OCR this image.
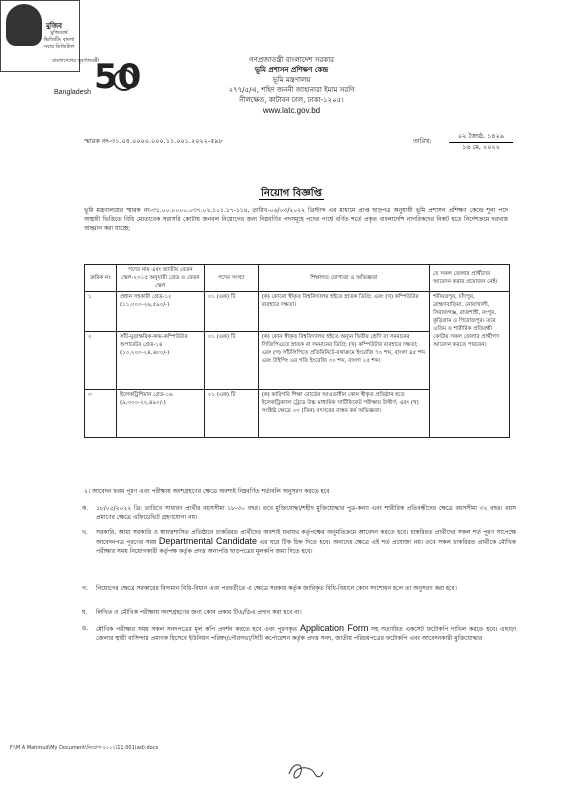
বাংলাদেশের সুবর্ণজয়ন্তী
50
Bangladesh
গণপ্রজাতন্ত্রী বাংলাদেশ সরকার
ভূমি প্রশাসন প্রশিক্ষণ কেন্দ্র
ভূমি মন্ত্রণালয়
২৭৭/৫/এ, শহিদ জননী জাহানারা ইমাম সরণি
নীলক্ষেত, কাটাবন ঢাল, ঢাকা-১২০৫।
www.latc.gov.bd
মুজিব
মুজিববর্ষ ভিজিটিং বাংলা সবার ডিজিটাল
স্মারক নং-৩১.০৪.০০০০.০০০.১১.০০১.২০২২-৫৯৮	তারিখ:
০২ জ্যৈষ্ঠ, ১৪২৯
১৬ মে, ২০২২
নিয়োগ বিজ্ঞপ্তি
ভূমি মন্ত্রণালয়ের স্মারক নং-৩১.০০.০০০০.০৩৭.০২.১০১.১৭-১১৪, তারিখ-০৬/০৩/২০২২ খ্রিস্টাব্দ এর মাধ্যমে প্রাপ্ত ছাড়পত্র অনুযায়ী ভূমি প্রশাসন প্রশিক্ষণ কেন্দ্রে শূন্য পদে অস্থায়ী ভিত্তিতে বিধি মোতাবেক সরাসরি কোটায় জনবল নিয়োগের জন্য নিম্নবর্ণিত পদসমূহে পদের পার্শ্বে বর্ণিত শর্তে প্রকৃত বাংলাদেশি নাগরিকদের নিকট হতে নির্দেশক্রমে দরখাস্ত আহ্বান করা যাচ্ছে:
ক্রমিক নং	পদের নাম এবং জাতীয় বেতন স্কেল-২০১৫ অনুযায়ী গ্রেড ও বেতন স্কেল	পদের সংখ্যা	শিক্ষাগত যোগ্যতা ও অভিজ্ঞতা	যে সকল জেলার প্রার্থীদের আবেদন করার প্রয়োজন নেই।
১	প্রধান সহকারী গ্রেড-১২ (১১,০০০-২৬,৫৯০/-)	০১ (এক) টি	(ক) কোনো স্বীকৃত বিশ্ববিদ্যালয় হইতে স্নাতক ডিগ্রি; এবং (খ) কম্পিউটার ব্যবহারে দক্ষতা।	শরীয়তপুর, চাঁদপুর, ব্রাহ্মণবাড়িয়া, নোয়াখালী, সিরাজগঞ্জ, রাজশাহী, রংপুর, কুড়িগ্রাম ও পিরোজপুর। তবে এতিম ও শারীরিক প্রতিবন্ধী কোটায় সকল জেলার প্রার্থীগণ আবেদন করতে পারবেন।
২	সাঁট-মুদ্রাক্ষরিক-কাম-কম্পিউটার অপারেটর গ্রেড-১৪ (১০,২০০-২৪,৬৮০/-)	০১ (এক) টি	(ক) কোন স্বীকৃত বিশ্ববিদ্যালয় হইতে অন্যূন দ্বিতীয় শ্রেণি বা সমমানের সিজিপিএতে স্নাতক বা সমমানের ডিগ্রি; (খ) কম্পিউটার ব্যবহারে দক্ষতা; এবং (গ) সাঁটলিপিতে প্রতিমিনিটে-যথাক্রমে ইংরেজি ৭০ শব্দ, বাংলা ৪৫ শব্দ এবং টাইপিং এর গতি ইংরেজি ৩০ শব্দ, বাংলা ২৫ শব্দ।	
৩	ইলেকট্রিশিয়ান গ্রেড-১৬ (৯,৩০০-২২,৪৯০/-)	০১ (এক) টি	(ক) কারিগরি শিক্ষা বোর্ডের আওতাধীন কোন স্বীকৃত প্রতিষ্ঠান হতে ইলেকট্রিক্যাল ট্রেডে উচ্চ মাধ্যমিক সার্টিফিকেট পরীক্ষায় উত্তীর্ণ; এবং (খ) সংশ্লিষ্ট ক্ষেত্রে ০৩ (তিন) বৎসরের বাস্তব কর্ম অভিজ্ঞতা।	
২। আবেদন ফরম পূরণ এবং পরীক্ষায় অংশগ্রহণের ক্ষেত্রে অবশ্যই নিম্নবর্ণিত শর্তাবলি অনুসরণ করতে হবে
ক. ১৮/০৫/২০২২ খ্রি: তারিখে সাধারণ প্রার্থীর বয়সসীমা ১৮-৩০ বছর। তবে মুক্তিযোদ্ধা/শহীদ মুক্তিযোদ্ধার পুত্র-কন্যা এবং শারীরিক প্রতিবন্ধীদের ক্ষেত্রে বয়সসীমা ৩২ বছর। বয়স প্রমাণের ক্ষেত্রে এফিডেভিট গ্রহণযোগ্য নয়।
খ. সরকারি, আধা সরকারি ও স্বায়ত্তশাসিত প্রতিষ্ঠানে চাকরিরত প্রার্থীদের অবশ্যই যথাযথ কর্তৃপক্ষের অনুমতিক্রমে আবেদন করতে হবে। চাকরিরত প্রার্থীদের সকল শর্ত পূরণ সাপেক্ষে আবেদনপত্র পূরণের সময় Departmental Candidate এর ঘরে টিক চিহ্ন দিতে হবে। অন্যদের ক্ষেত্রে এই শর্ত প্রযোজ্য নয়। তবে সকল চাকরিরত প্রার্থীকে মৌখিক পরীক্ষার সময় নিয়োগকারী কর্তৃপক্ষ কর্তৃক প্রদত্ত অনাপত্তি ছাড়পত্রের মূলকপি জমা দিতে হবে।
গ. নিয়োগের ক্ষেত্রে সরকারের বিদ্যমান বিধি-বিধান এবং পরবর্তীতে এ ক্ষেত্রে সরকার কর্তৃক জারিকৃত বিধি-বিধানে কোন সংশোধন হলে তা অনুসরণ করা হবে।
ঘ. লিখিত ও মৌখিক পরীক্ষায় অংশগ্রহণের জন্য কোন প্রকার টিএ/ডিএ প্রদান করা হবে না।
ঙ. মৌখিক পরীক্ষার সময় সকল সনদপত্রের মূল কপি প্রদর্শন করতে হবে এবং পূরণকৃত Application Form সহ সত্যায়িত একসেট ফটোকপি দাখিল করতে হবে। এছাড়া জেলার স্থায়ী বাসিন্দার প্রমাণক হিসেবে ইউনিয়ন পরিষদ/পৌরসভা/সিটি কর্পোরেশন কর্তৃক প্রদত্ত সনদ, জাতীয় পরিচয়পত্রের ফটোকপি এবং আবেদনকারী মুক্তিযোদ্ধার
F:\M A Mahmud\My Document\নিয়োগ-২০২২\11.001(ad).docx
